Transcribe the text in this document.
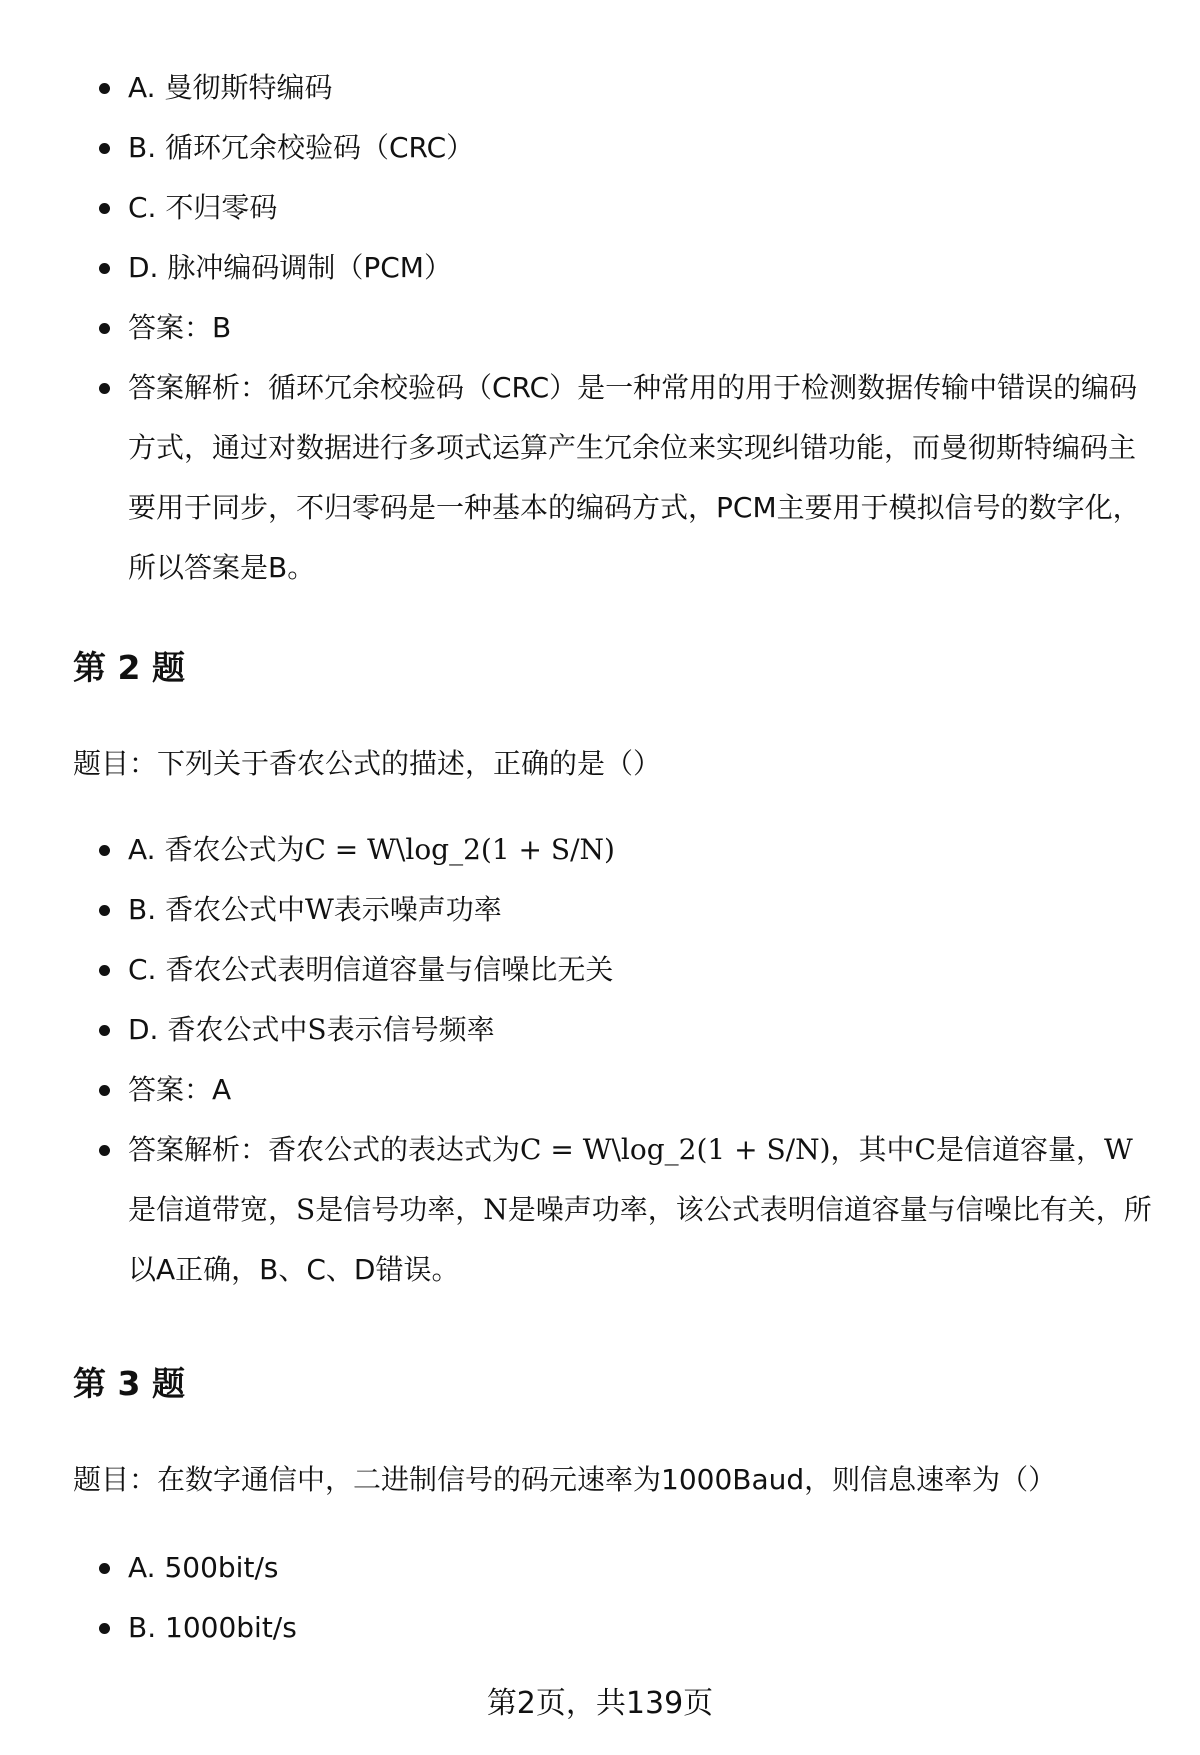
A. 曼彻斯特编码
B. 循环冗余校验码（CRC）
C. 不归零码
D. 脉冲编码调制（PCM）
答案：B
答案解析：循环冗余校验码（CRC）是一种常用的用于检测数据传输中错误的编码方式，通过对数据进行多项式运算产生冗余位来实现纠错功能，而曼彻斯特编码主要用于同步，不归零码是一种基本的编码方式，PCM主要用于模拟信号的数字化，所以答案是B。
第 2 题

题目：下列关于香农公式的描述，正确的是（）

A. 香农公式为C = W\log_2(1 + S/N)
B. 香农公式中W表示噪声功率
C. 香农公式表明信道容量与信噪比无关
D. 香农公式中S表示信号频率
答案：A
答案解析：香农公式的表达式为C = W\log_2(1 + S/N)，其中C是信道容量，W是信道带宽，S是信号功率，N是噪声功率，该公式表明信道容量与信噪比有关，所以A正确，B、C、D错误。
第 3 题

题目：在数字通信中，二进制信号的码元速率为1000Baud，则信息速率为（）

A. 500bit/s
B. 1000bit/s
第2页，共139页
